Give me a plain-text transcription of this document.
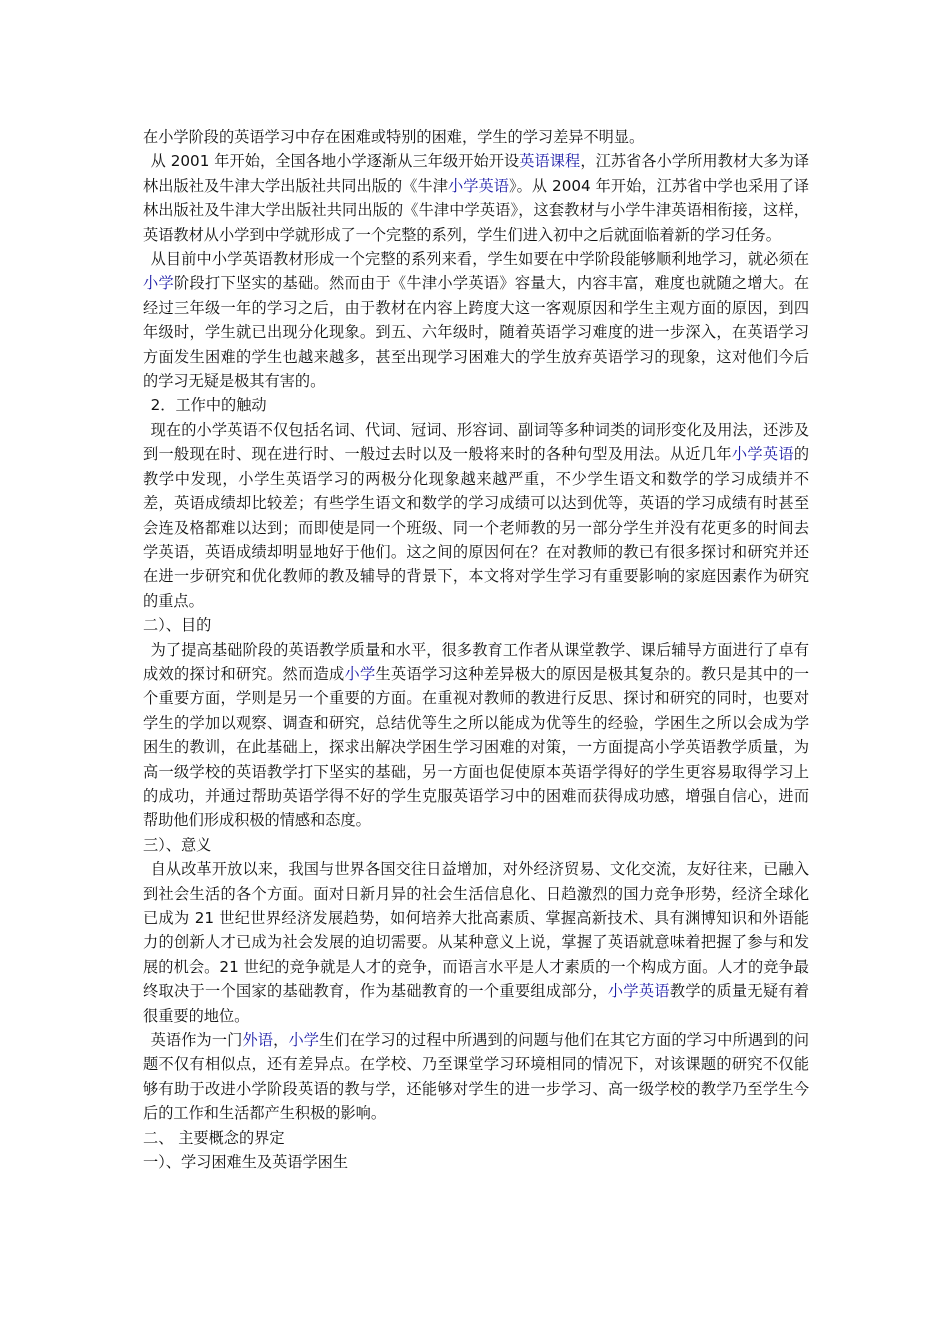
在小学阶段的英语学习中存在困难或特别的困难，学生的学习差异不明显。

从 2001 年开始，全国各地小学逐渐从三年级开始开设英语课程，江苏省各小学所用教材大多为译林出版社及牛津大学出版社共同出版的《牛津小学英语》。从 2004 年开始，江苏省中学也采用了译林出版社及牛津大学出版社共同出版的《牛津中学英语》，这套教材与小学牛津英语相衔接，这样，英语教材从小学到中学就形成了一个完整的系列，学生们进入初中之后就面临着新的学习任务。

从目前中小学英语教材形成一个完整的系列来看，学生如要在中学阶段能够顺利地学习，就必须在小学阶段打下坚实的基础。然而由于《牛津小学英语》容量大，内容丰富，难度也就随之增大。在经过三年级一年的学习之后，由于教材在内容上跨度大这一客观原因和学生主观方面的原因，到四年级时，学生就已出现分化现象。到五、六年级时，随着英语学习难度的进一步深入，在英语学习方面发生困难的学生也越来越多，甚至出现学习困难大的学生放弃英语学习的现象，这对他们今后的学习无疑是极其有害的。

2．工作中的触动

现在的小学英语不仅包括名词、代词、冠词、形容词、副词等多种词类的词形变化及用法，还涉及到一般现在时、现在进行时、一般过去时以及一般将来时的各种句型及用法。从近几年小学英语的教学中发现，小学生英语学习的两极分化现象越来越严重，不少学生语文和数学的学习成绩并不差，英语成绩却比较差；有些学生语文和数学的学习成绩可以达到优等，英语的学习成绩有时甚至会连及格都难以达到；而即使是同一个班级、同一个老师教的另一部分学生并没有花更多的时间去学英语，英语成绩却明显地好于他们。这之间的原因何在？在对教师的教已有很多探讨和研究并还在进一步研究和优化教师的教及辅导的背景下，本文将对学生学习有重要影响的家庭因素作为研究的重点。

二）、目的

为了提高基础阶段的英语教学质量和水平，很多教育工作者从课堂教学、课后辅导方面进行了卓有成效的探讨和研究。然而造成小学生英语学习这种差异极大的原因是极其复杂的。教只是其中的一个重要方面，学则是另一个重要的方面。在重视对教师的教进行反思、探讨和研究的同时，也要对学生的学加以观察、调查和研究，总结优等生之所以能成为优等生的经验，学困生之所以会成为学困生的教训，在此基础上，探求出解决学困生学习困难的对策，一方面提高小学英语教学质量，为高一级学校的英语教学打下坚实的基础，另一方面也促使原本英语学得好的学生更容易取得学习上的成功，并通过帮助英语学得不好的学生克服英语学习中的困难而获得成功感，增强自信心，进而帮助他们形成积极的情感和态度。

三）、意义

自从改革开放以来，我国与世界各国交往日益增加，对外经济贸易、文化交流，友好往来，已融入到社会生活的各个方面。面对日新月异的社会生活信息化、日趋激烈的国力竞争形势，经济全球化已成为 21 世纪世界经济发展趋势，如何培养大批高素质、掌握高新技术、具有渊博知识和外语能力的创新人才已成为社会发展的迫切需要。从某种意义上说，掌握了英语就意味着把握了参与和发展的机会。21 世纪的竞争就是人才的竞争，而语言水平是人才素质的一个构成方面。人才的竞争最终取决于一个国家的基础教育，作为基础教育的一个重要组成部分，小学英语教学的质量无疑有着很重要的地位。

英语作为一门外语，小学生们在学习的过程中所遇到的问题与他们在其它方面的学习中所遇到的问题不仅有相似点，还有差异点。在学校、乃至课堂学习环境相同的情况下，对该课题的研究不仅能够有助于改进小学阶段英语的教与学，还能够对学生的进一步学习、高一级学校的教学乃至学生今后的工作和生活都产生积极的影响。

二、 主要概念的界定

一）、学习困难生及英语学困生
